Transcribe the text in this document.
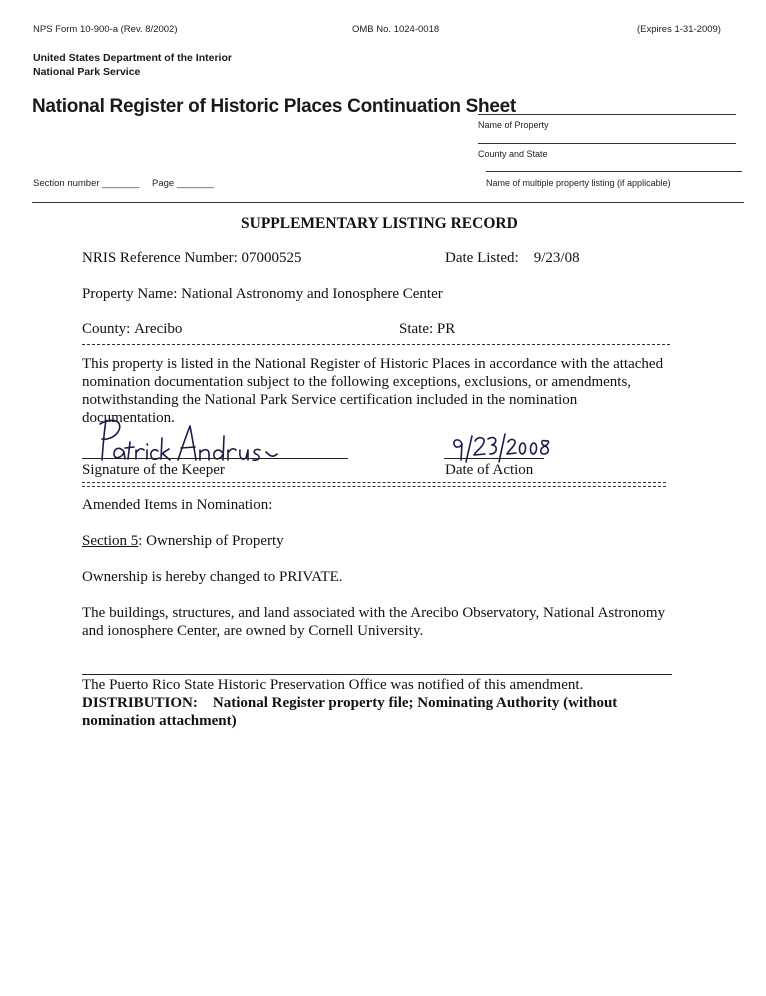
NPS Form 10-900-a (Rev. 8/2002)	OMB No. 1024-0018	(Expires 1-31-2009)
United States Department of the Interior
National Park Service
National Register of Historic Places Continuation Sheet
Name of Property
County and State
Name of multiple property listing (if applicable)
Section number _______ Page _______
SUPPLEMENTARY LISTING RECORD
NRIS Reference Number: 07000525	Date Listed: 9/23/08
Property Name: National Astronomy and Ionosphere Center
County: Arecibo	State: PR
This property is listed in the National Register of Historic Places in accordance with the attached
nomination documentation subject to the following exceptions, exclusions, or amendments,
notwithstanding the National Park Service certification included in the nomination
documentation.
Signature of the Keeper	Date of Action
Amended Items in Nomination:
Section 5: Ownership of Property
Ownership is hereby changed to PRIVATE.
The buildings, structures, and land associated with the Arecibo Observatory, National Astronomy
and ionosphere Center, are owned by Cornell University.
The Puerto Rico State Historic Preservation Office was notified of this amendment.
DISTRIBUTION: National Register property file; Nominating Authority (without
nomination attachment)
